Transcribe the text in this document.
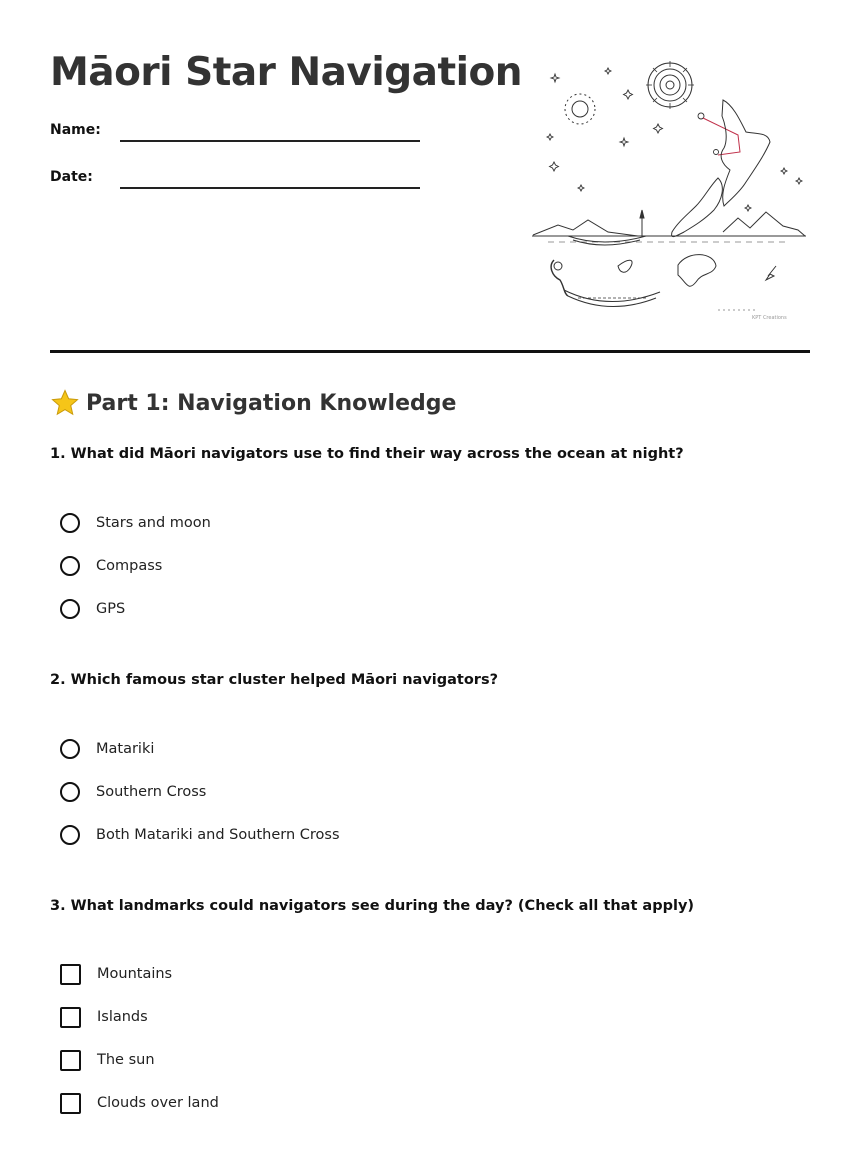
Māori Star Navigation
Name:
Date:
KPT Creations
Part 1: Navigation Knowledge

1. What did Māori navigators use to find their way across the ocean at night?

Stars and moon
Compass
GPS

2. Which famous star cluster helped Māori navigators?

Matariki
Southern Cross
Both Matariki and Southern Cross

3. What landmarks could navigators see during the day? (Check all that apply)

Mountains
Islands
The sun
Clouds over land
